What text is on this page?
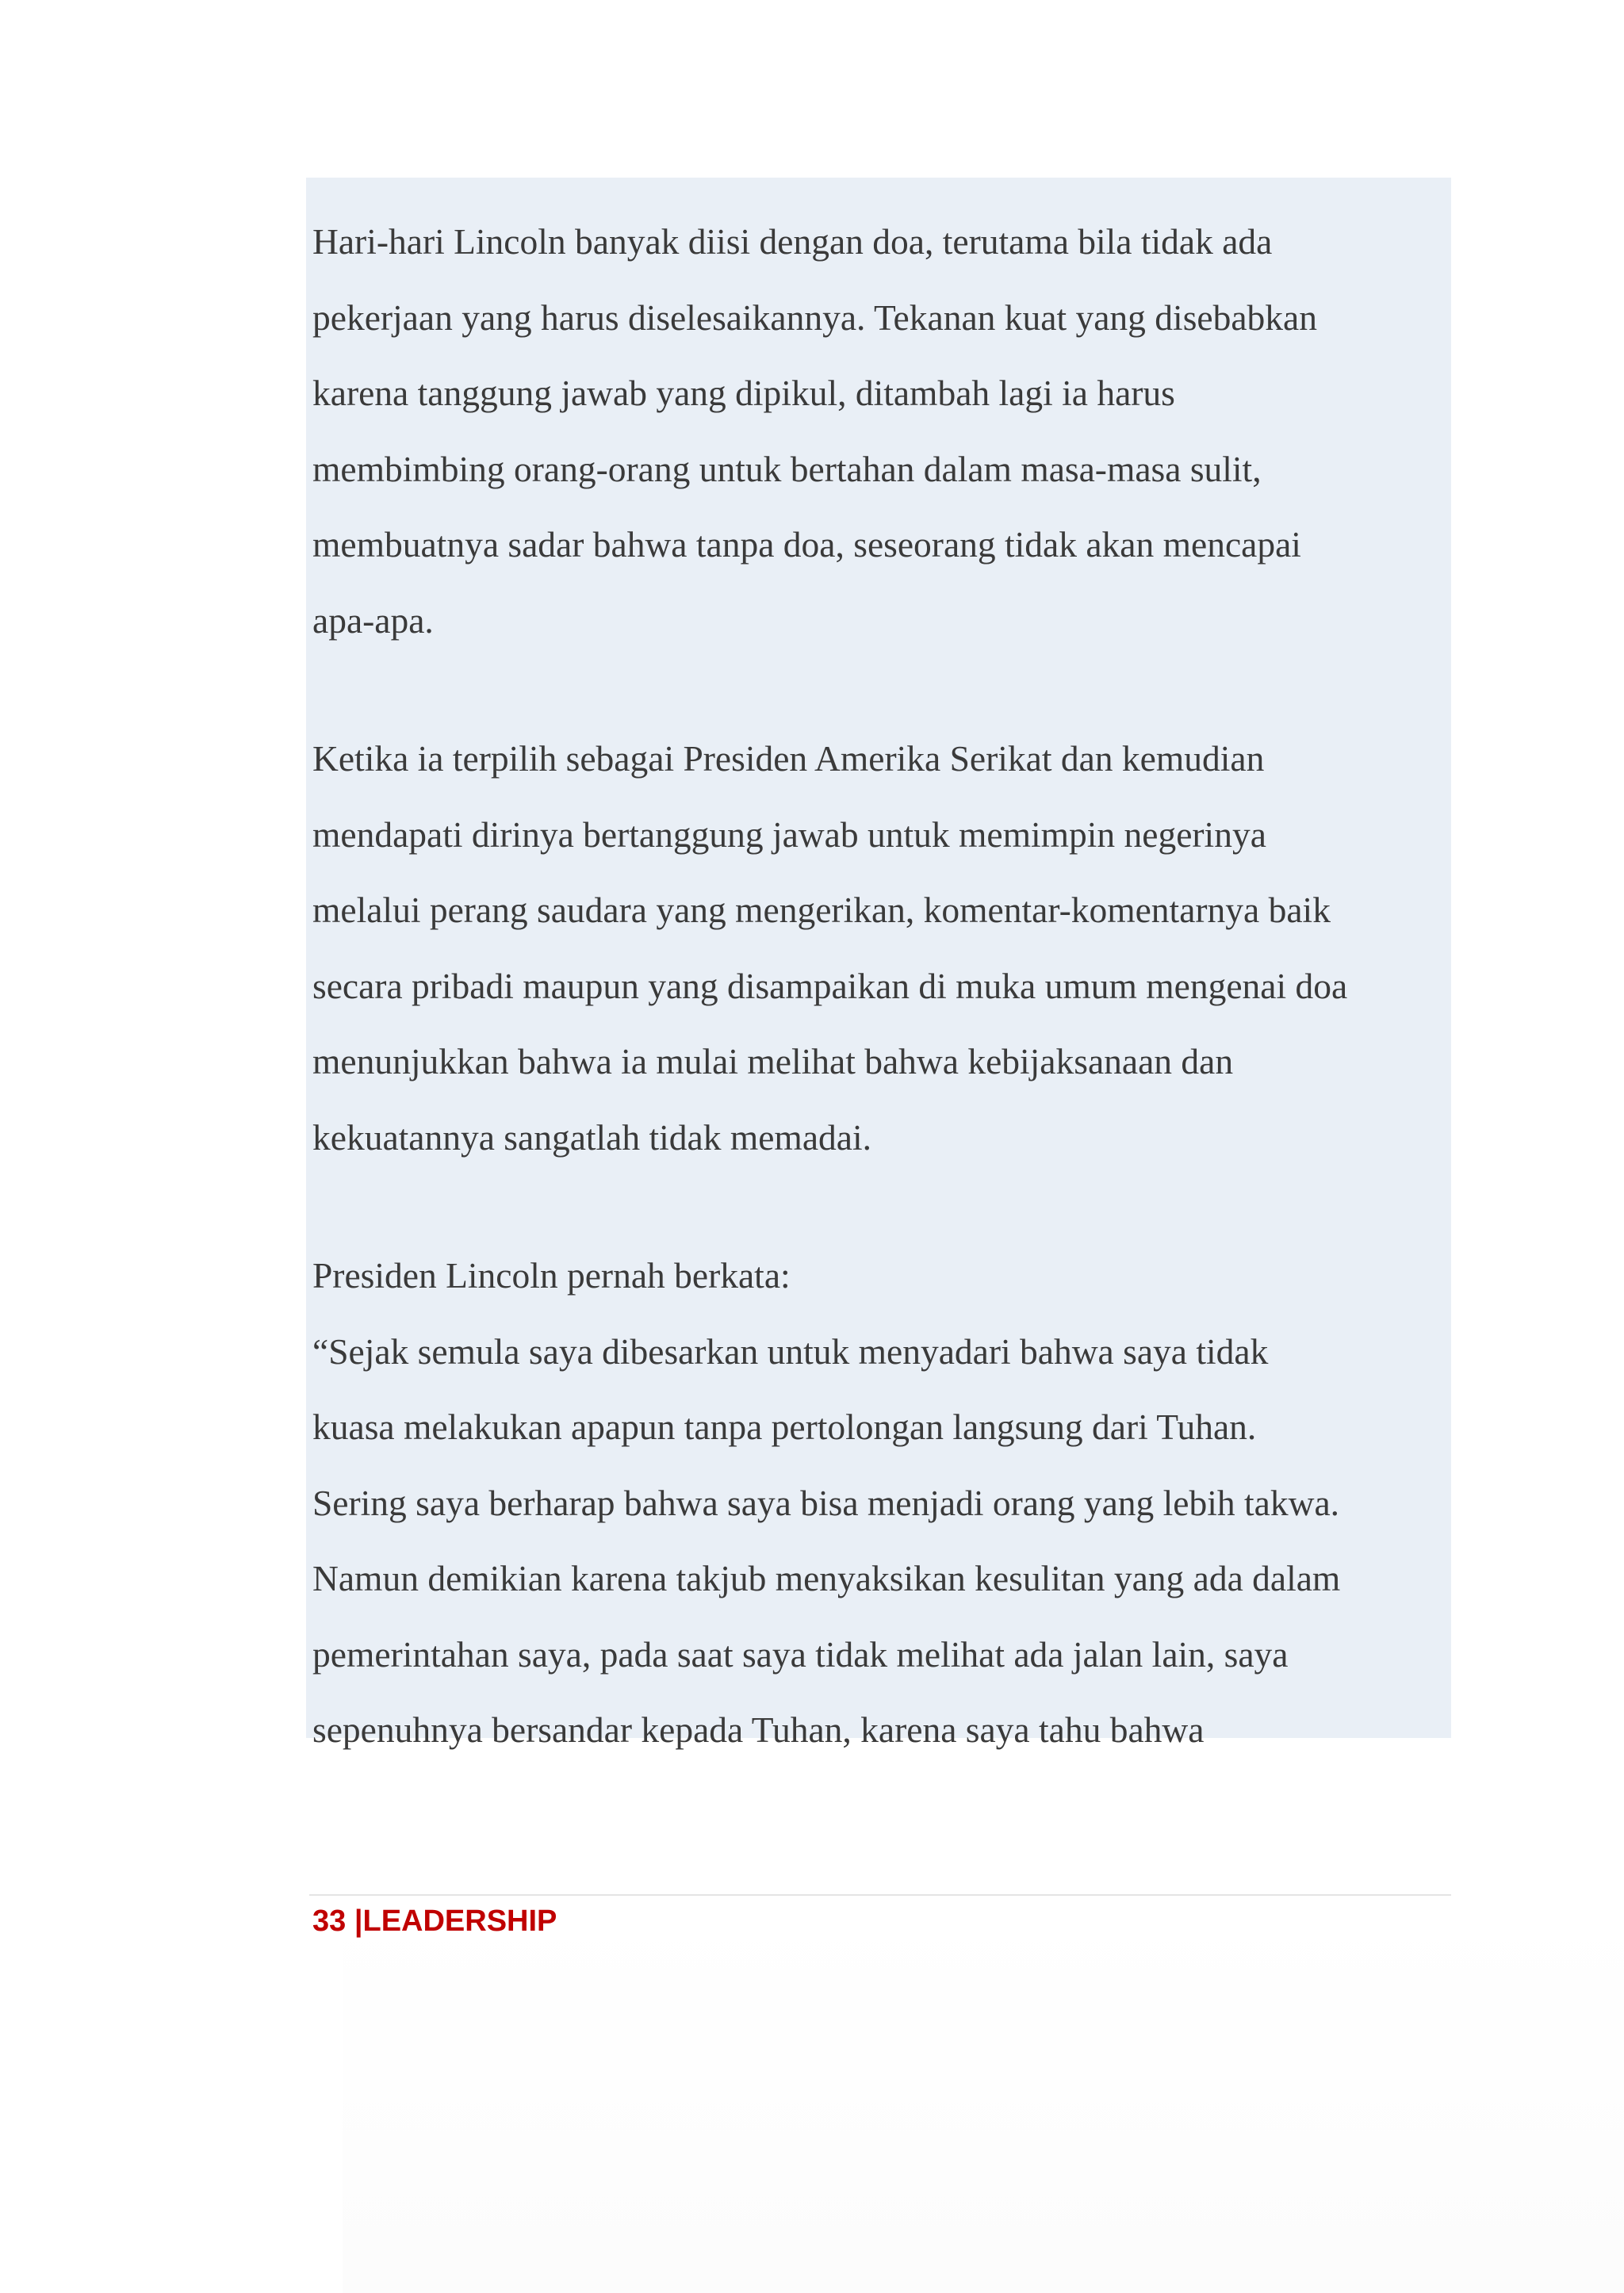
Hari-hari Lincoln banyak diisi dengan doa, terutama bila tidak ada
pekerjaan yang harus diselesaikannya. Tekanan kuat yang disebabkan
karena tanggung jawab yang dipikul, ditambah lagi ia harus
membimbing orang-orang untuk bertahan dalam masa-masa sulit,
membuatnya sadar bahwa tanpa doa, seseorang tidak akan mencapai
apa-apa.

Ketika ia terpilih sebagai Presiden Amerika Serikat dan kemudian
mendapati dirinya bertanggung jawab untuk memimpin negerinya
melalui perang saudara yang mengerikan, komentar-komentarnya baik
secara pribadi maupun yang disampaikan di muka umum mengenai doa
menunjukkan bahwa ia mulai melihat bahwa kebijaksanaan dan
kekuatannya sangatlah tidak memadai.

Presiden Lincoln pernah berkata:

“Sejak semula saya dibesarkan untuk menyadari bahwa saya tidak
kuasa melakukan apapun tanpa pertolongan langsung dari Tuhan.
Sering saya berharap bahwa saya bisa menjadi orang yang lebih takwa.
Namun demikian karena takjub menyaksikan kesulitan yang ada dalam
pemerintahan saya, pada saat saya tidak melihat ada jalan lain, saya
sepenuhnya bersandar kepada Tuhan, karena saya tahu bahwa

33 |LEADERSHIP
